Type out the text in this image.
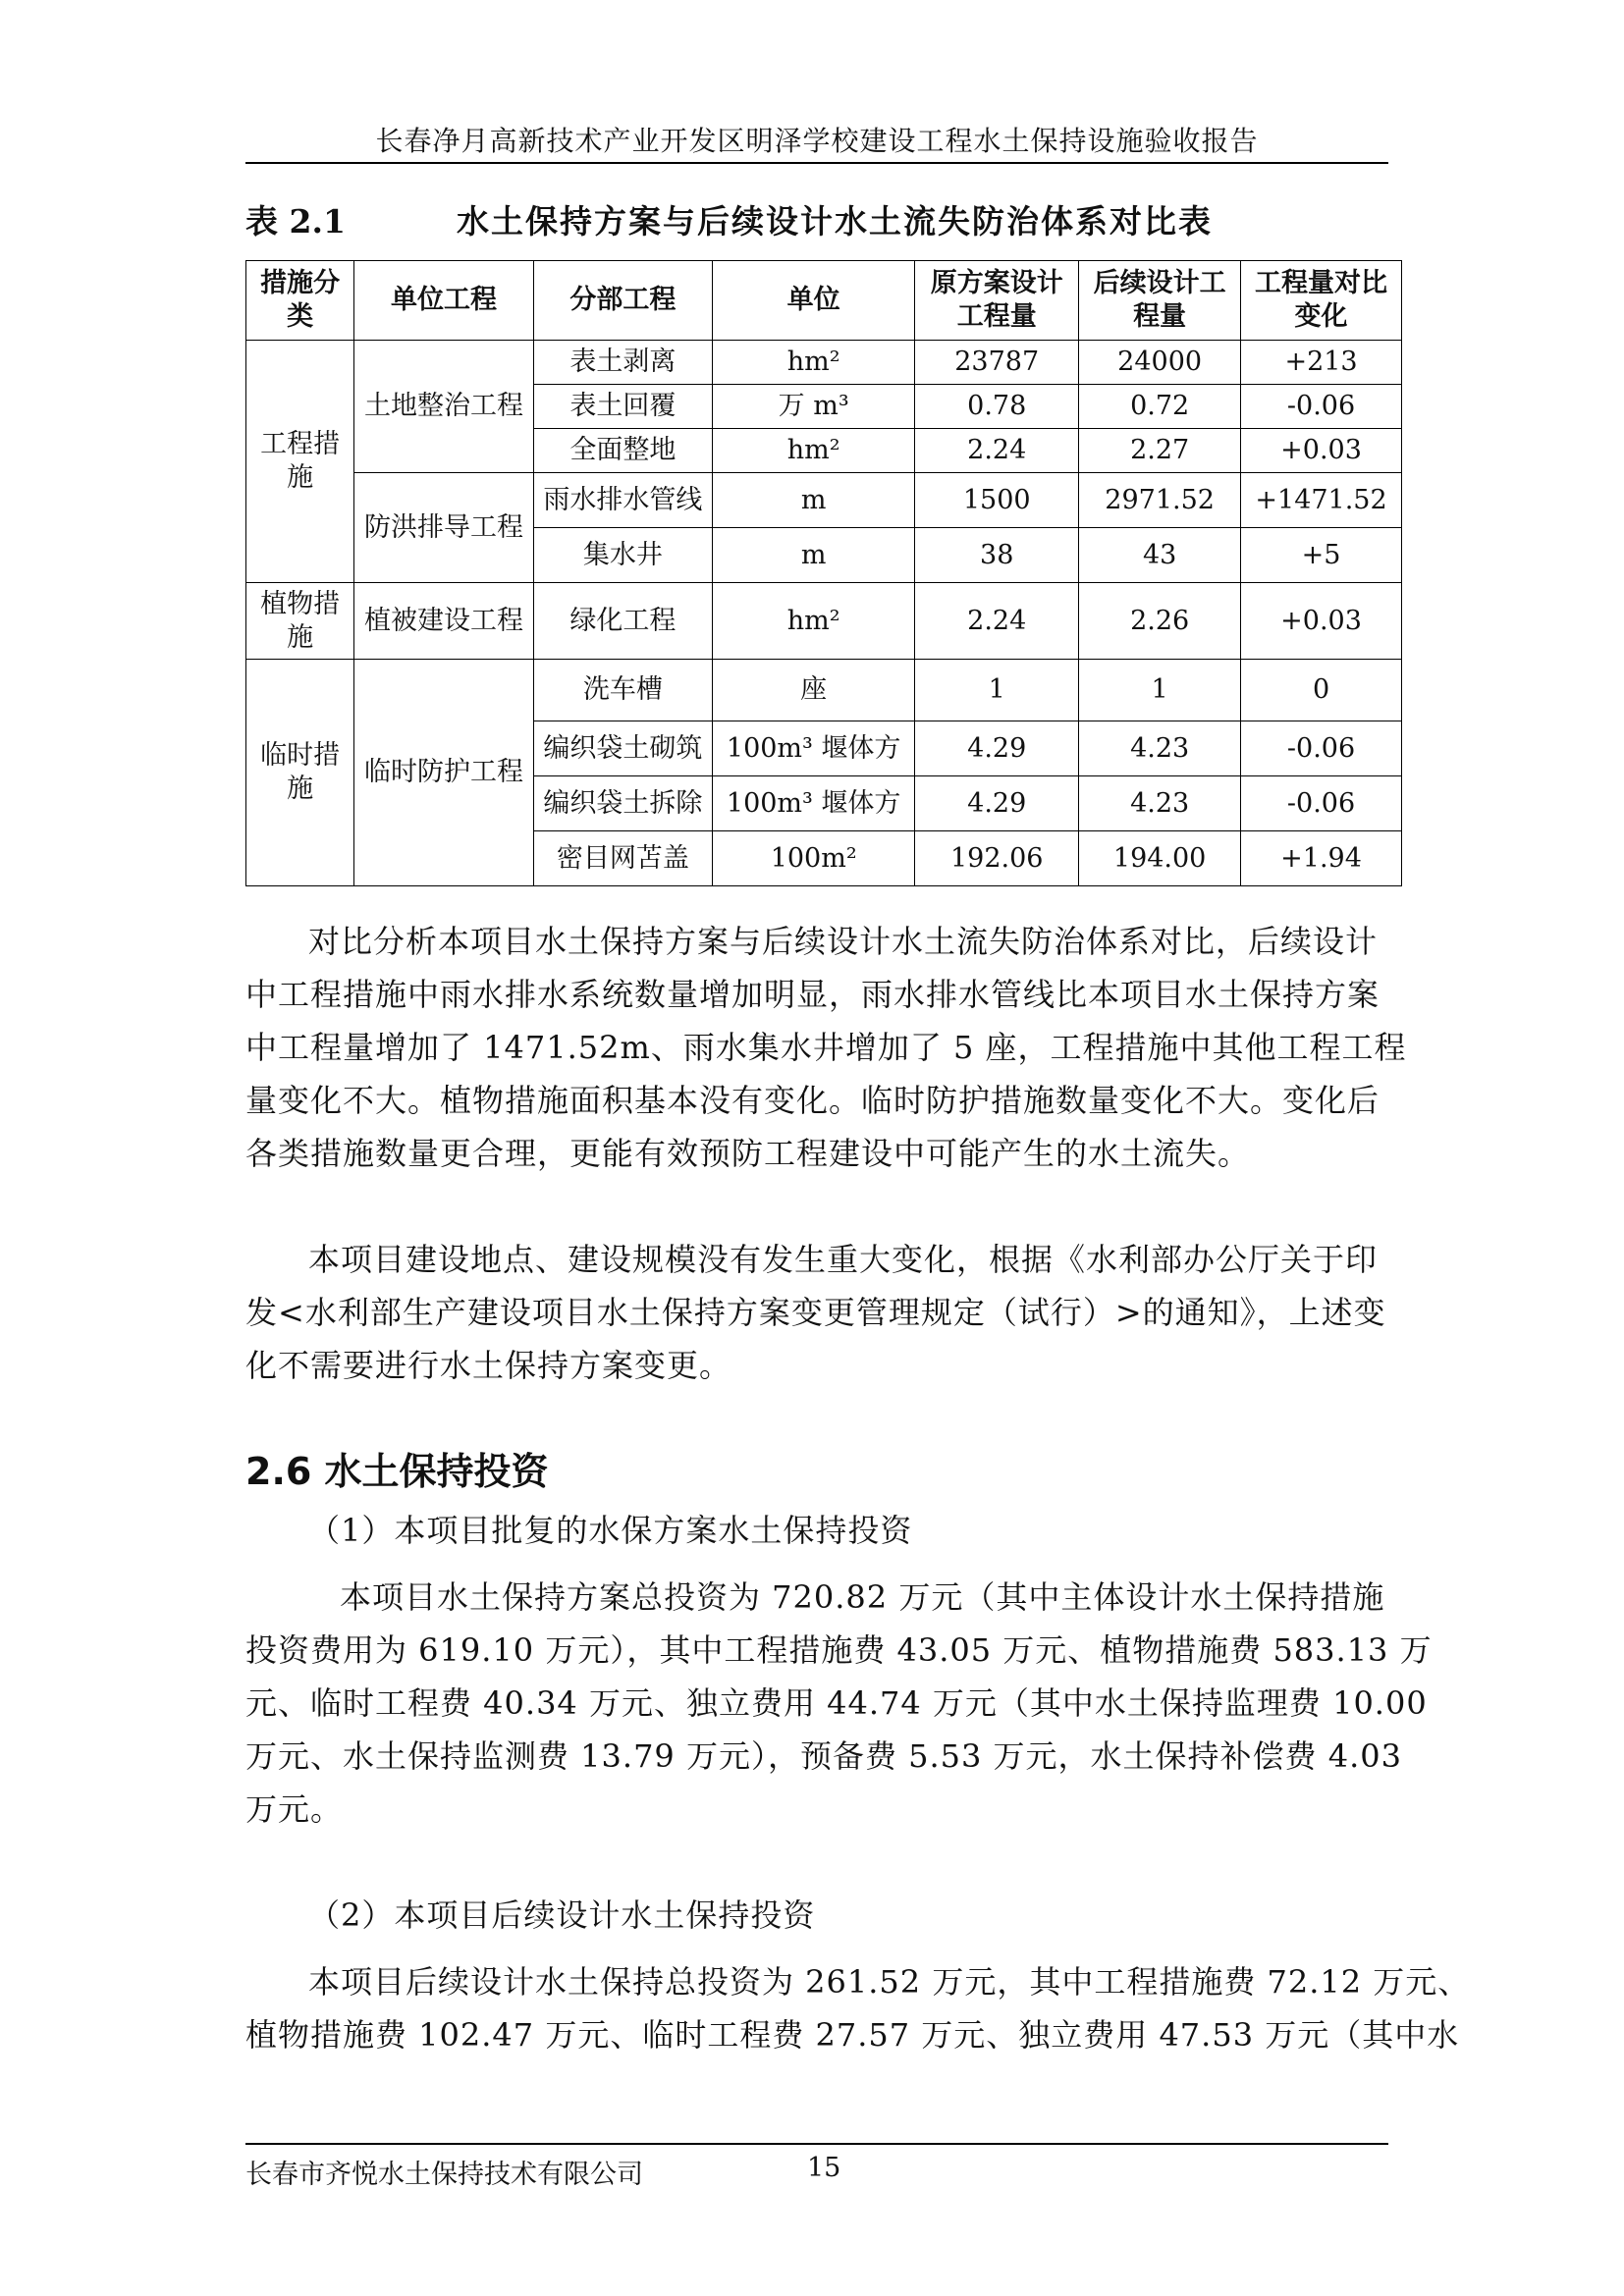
长春净月高新技术产业开发区明泽学校建设工程水土保持设施验收报告
表 2.1	水土保持方案与后续设计水土流失防治体系对比表
措施分类	单位工程	分部工程	单位	原方案设计工程量	后续设计工程量	工程量对比变化
工程措施	土地整治工程	表土剥离	hm²	23787	24000	+213
		表土回覆	万 m³	0.78	0.72	-0.06
		全面整地	hm²	2.24	2.27	+0.03
	防洪排导工程	雨水排水管线	m	1500	2971.52	+1471.52
		集水井	m	38	43	+5
植物措施	植被建设工程	绿化工程	hm²	2.24	2.26	+0.03
临时措施	临时防护工程	洗车槽	座	1	1	0
		编织袋土砌筑	100m³ 堰体方	4.29	4.23	-0.06
		编织袋土拆除	100m³ 堰体方	4.29	4.23	-0.06
		密目网苫盖	100m²	192.06	194.00	+1.94
对比分析本项目水土保持方案与后续设计水土流失防治体系对比，后续设计
中工程措施中雨水排水系统数量增加明显，雨水排水管线比本项目水土保持方案
中工程量增加了 1471.52m、雨水集水井增加了 5 座，工程措施中其他工程工程
量变化不大。植物措施面积基本没有变化。临时防护措施数量变化不大。变化后
各类措施数量更合理，更能有效预防工程建设中可能产生的水土流失。
本项目建设地点、建设规模没有发生重大变化，根据《水利部办公厅关于印
发<水利部生产建设项目水土保持方案变更管理规定（试行）>的通知》，上述变
化不需要进行水土保持方案变更。
2.6 水土保持投资
（1）本项目批复的水保方案水土保持投资
本项目水土保持方案总投资为 720.82 万元（其中主体设计水土保持措施
投资费用为 619.10 万元），其中工程措施费 43.05 万元、植物措施费 583.13 万
元、临时工程费 40.34 万元、独立费用 44.74 万元（其中水土保持监理费 10.00
万元、水土保持监测费 13.79 万元），预备费 5.53 万元，水土保持补偿费 4.03
万元。
（2）本项目后续设计水土保持投资
本项目后续设计水土保持总投资为 261.52 万元，其中工程措施费 72.12 万元、
植物措施费 102.47 万元、临时工程费 27.57 万元、独立费用 47.53 万元（其中水
长春市齐悦水土保持技术有限公司	15
